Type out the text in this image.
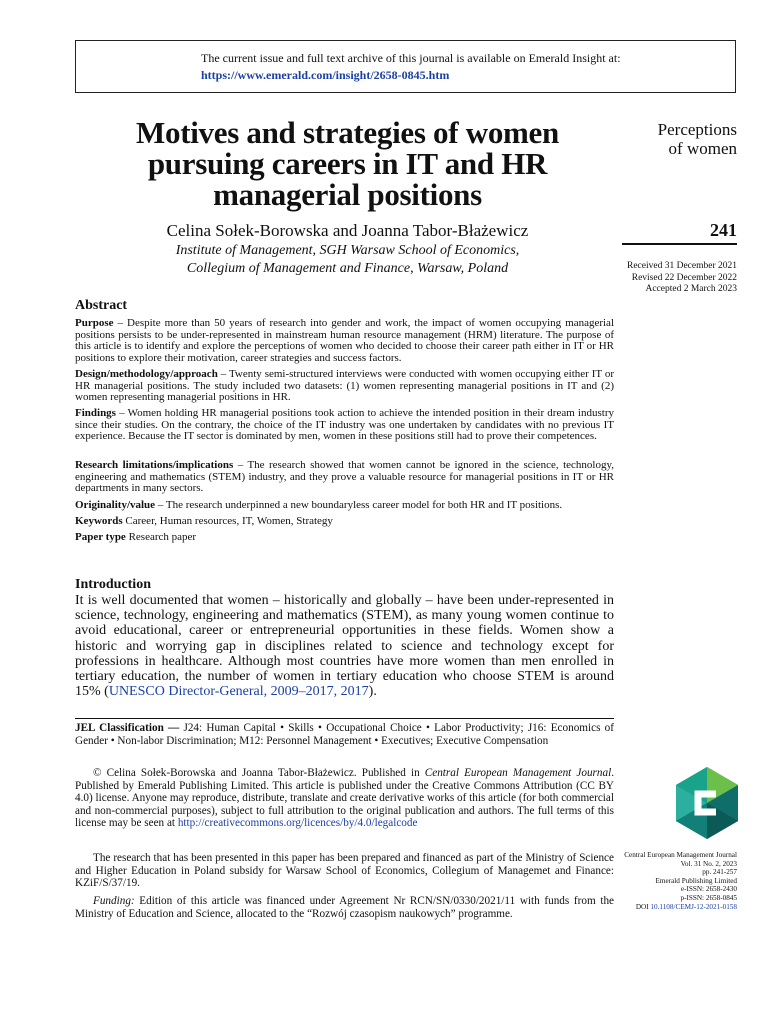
The current issue and full text archive of this journal is available on Emerald Insight at:
https://www.emerald.com/insight/2658-0845.htm
Motives and strategies of women pursuing careers in IT and HR managerial positions
Celina Sołek-Borowska and Joanna Tabor-Błażewicz
Institute of Management, SGH Warsaw School of Economics,
Collegium of Management and Finance, Warsaw, Poland
Perceptions
of women
241
Received 31 December 2021
Revised 22 December 2022
Accepted 2 March 2023
Abstract
Purpose – Despite more than 50 years of research into gender and work, the impact of women occupying managerial positions persists to be under-represented in mainstream human resource management (HRM) literature. The purpose of this article is to identify and explore the perceptions of women who decided to choose their career path either in IT or HR positions to explore their motivation, career strategies and success factors.
Design/methodology/approach – Twenty semi-structured interviews were conducted with women occupying either IT or HR managerial positions. The study included two datasets: (1) women representing managerial positions in IT and (2) women representing managerial positions in HR.
Findings – Women holding HR managerial positions took action to achieve the intended position in their dream industry since their studies. On the contrary, the choice of the IT industry was one undertaken by candidates with no previous IT experience. Because the IT sector is dominated by men, women in these positions still had to prove their competences.
Research limitations/implications – The research showed that women cannot be ignored in the science, technology, engineering and mathematics (STEM) industry, and they prove a valuable resource for managerial positions in IT or HR departments in many sectors.
Originality/value – The research underpinned a new boundaryless career model for both HR and IT positions.
Keywords Career, Human resources, IT, Women, Strategy
Paper type Research paper
Introduction
It is well documented that women – historically and globally – have been under-represented in science, technology, engineering and mathematics (STEM), as many young women continue to avoid educational, career or entrepreneurial opportunities in these fields. Women show a historic and worrying gap in disciplines related to science and technology except for professions in healthcare. Although most countries have more women than men enrolled in tertiary education, the number of women in tertiary education who choose STEM is around 15% (UNESCO Director-General, 2009–2017, 2017).
JEL Classification — J24: Human Capital • Skills • Occupational Choice • Labor Productivity; J16: Economics of Gender • Non-labor Discrimination; M12: Personnel Management • Executives; Executive Compensation
© Celina Sołek-Borowska and Joanna Tabor-Błażewicz. Published in Central European Management Journal. Published by Emerald Publishing Limited. This article is published under the Creative Commons Attribution (CC BY 4.0) license. Anyone may reproduce, distribute, translate and create derivative works of this article (for both commercial and non-commercial purposes), subject to full attribution to the original publication and authors. The full terms of this license may be seen at http://creativecommons.org/licences/by/4.0/legalcode
The research that has been presented in this paper has been prepared and financed as part of the Ministry of Science and Higher Education in Poland subsidy for Warsaw School of Economics, Collegium of Managemet and Finance: KZiF/S/37/19.
Funding: Edition of this article was financed under Agreement Nr RCN/SN/0330/2021/11 with funds from the Ministry of Education and Science, allocated to the “Rozwój czasopism naukowych” programme.
Central European Management Journal
Vol. 31 No. 2, 2023
pp. 241-257
Emerald Publishing Limited
e-ISSN: 2658-2430
p-ISSN: 2658-0845
DOI 10.1108/CEMJ-12-2021-0158
